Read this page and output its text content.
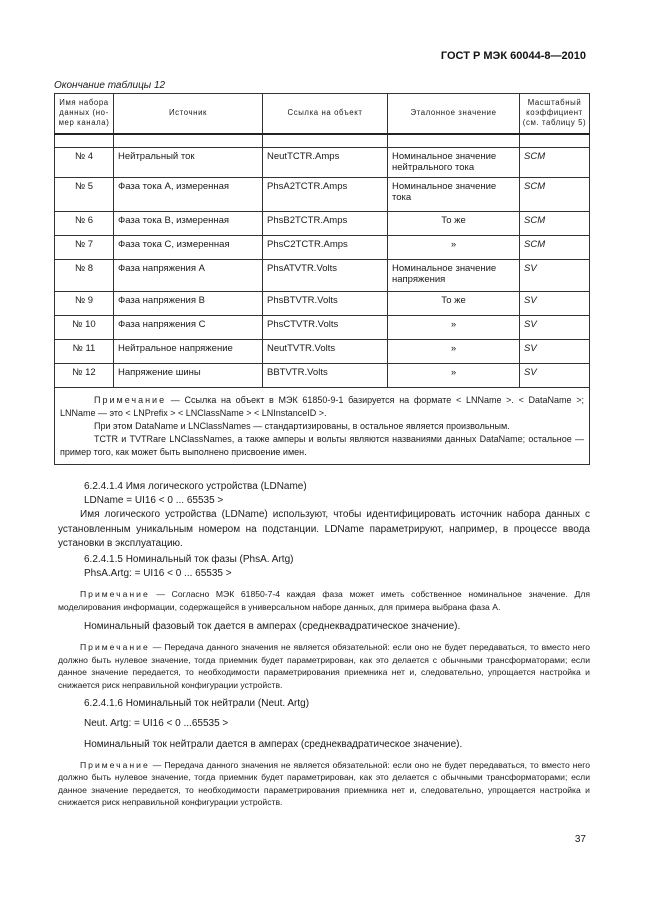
ГОСТ Р МЭК 60044-8—2010
Окончание таблицы 12
Имя набора данных (но- мер канала)	Источник	Ссылка на объект	Эталонное значение	Масштабный коэффициент (см. таблицу 5)

№ 4	Нейтральный ток	NeutTCTR.Amps	Номинальное значение нейтрального тока	SCM
№ 5	Фаза тока А, измеренная	PhsA2TCTR.Amps	Номинальное значение тока	SCM
№ 6	Фаза тока В, измеренная	PhsB2TCTR.Amps	То же	SCM
№ 7	Фаза тока С, измеренная	PhsC2TCTR.Amps	»	SCM
№ 8	Фаза напряжения А	PhsATVTR.Volts	Номинальное значение напряжения	SV
№ 9	Фаза напряжения В	PhsBTVTR.Volts	То же	SV
№ 10	Фаза напряжения С	PhsCTVTR.Volts	»	SV
№ 11	Нейтральное напряжение	NeutTVTR.Volts	»	SV
№ 12	Напряжение шины	BBTVTR.Volts	»	SV

Примечание — Ссылка на объект в МЭК 61850-9-1 базируется на формате < LNName >. < DataName >; LNName — это < LNPrefix > < LNClassName > < LNInstanceID >.

При этом DataName и LNClassNames — стандартизированы, в остальное является произвольным.

TCTR и TVTRare LNClassNames, а также амперы и вольты являются названиями данных DataName; остальное — пример того, как может быть выполнено присвоение имен.				

6.2.4.1.4 Имя логического устройства (LDName)

LDName = UI16 < 0 ... 65535 >

Имя логического устройства (LDName) используют, чтобы идентифицировать источник набора данных с установленным уникальным номером на подстанции. LDName параметрируют, например, в процессе ввода установки в эксплуатацию.

6.2.4.1.5 Номинальный ток фазы (PhsA. Artg)

PhsA.Artg: = UI16 < 0 ... 65535 >

Примечание — Согласно МЭК 61850-7-4 каждая фаза может иметь собственное номинальное значение. Для моделирования информации, содержащейся в универсальном наборе данных, для примера выбрана фаза А.

Номинальный фазовый ток дается в амперах (среднеквадратическое значение).

Примечание — Передача данного значения не является обязательной: если оно не будет передаваться, то вместо него должно быть нулевое значение, тогда приемник будет параметрирован, как это делается с обычными трансформаторами; если данное значение передается, то необходимости параметрирования приемника нет и, следовательно, упрощается настройка и снижается риск неправильной конфигурации устройств.

6.2.4.1.6 Номинальный ток нейтрали (Neut. Artg)

Neut. Artg: = UI16 < 0 ...65535 >

Номинальный ток нейтрали дается в амперах (среднеквадратическое значение).

Примечание — Передача данного значения не является обязательной: если оно не будет передаваться, то вместо него должно быть нулевое значение, тогда приемник будет параметрирован, как это делается с обычными трансформаторами; если данное значение передается, то необходимости параметрирования приемника нет и, следовательно, упрощается настройка и снижается риск неправильной конфигурации устройств.

37
